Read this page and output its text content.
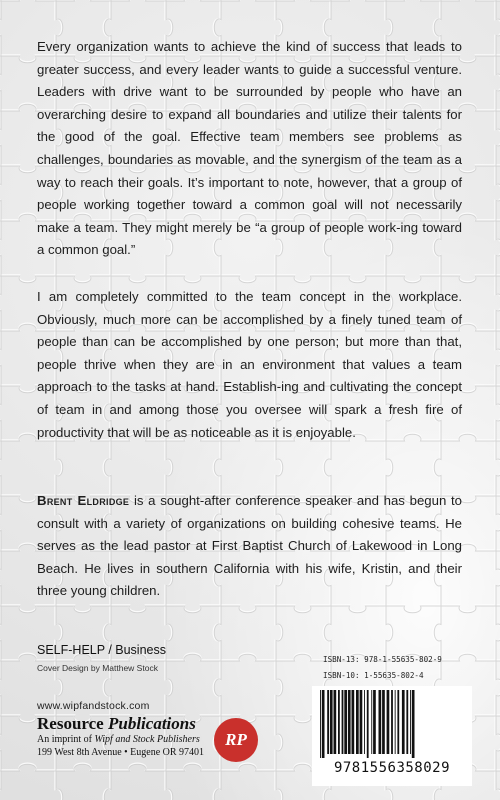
Every organization wants to achieve the kind of success that leads to greater success, and every leader wants to guide a successful venture. Leaders with drive want to be surrounded by people who have an overarching desire to expand all boundaries and utilize their talents for the good of the goal. Effective team members see problems as challenges, boundaries as movable, and the synergism of the team as a way to reach their goals. It’s important to note, however, that a group of people working together toward a common goal will not necessarily make a team. They might merely be “a group of people work-ing toward a common goal.”
I am completely committed to the team concept in the workplace. Obviously, much more can be accomplished by a finely tuned team of people than can be accomplished by one person; but more than that, people thrive when they are in an environment that values a team approach to the tasks at hand. Establish-ing and cultivating the concept of team in and among those you oversee will spark a fresh fire of productivity that will be as noticeable as it is enjoyable.
Brent Eldridge is a sought-after conference speaker and has begun to consult with a variety of organizations on building cohesive teams. He serves as the lead pastor at First Baptist Church of Lakewood in Long Beach. He lives in southern California with his wife, Kristin, and their three young children.
SELF-HELP / Business
Cover Design by Matthew Stock
www.wipfandstock.com
Resource Publications
An imprint of Wipf and Stock Publishers
199 West 8th Avenue • Eugene OR 97401
RP
ISBN-13: 978-1-55635-802-9
ISBN-10: 1-55635-802-4
9781556358029
